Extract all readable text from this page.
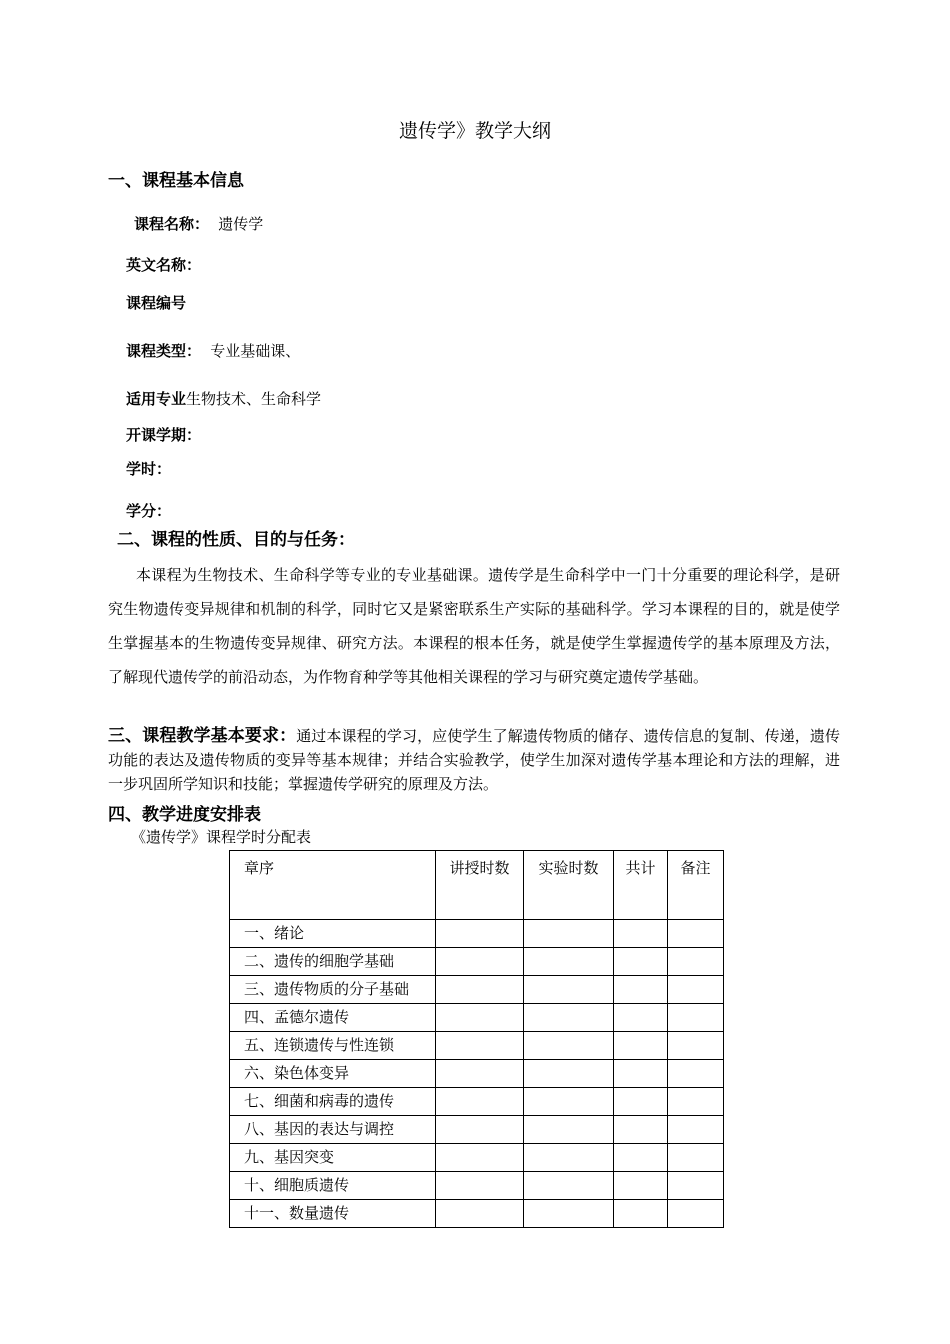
遗传学》教学大纲
一、课程基本信息
课程名称： 遗传学
英文名称：
课程编号
课程类型： 专业基础课、
适用专业生物技术、生命科学
开课学期：
学时：
学分：
二、课程的性质、目的与任务：
本课程为生物技术、生命科学等专业的专业基础课。遗传学是生命科学中一门十分重要的理论科学，是研究生物遗传变异规律和机制的科学，同时它又是紧密联系生产实际的基础科学。学习本课程的目的，就是使学生掌握基本的生物遗传变异规律、研究方法。本课程的根本任务，就是使学生掌握遗传学的基本原理及方法，了解现代遗传学的前沿动态，为作物育种学等其他相关课程的学习与研究奠定遗传学基础。
三、课程教学基本要求：通过本课程的学习，应使学生了解遗传物质的储存、遗传信息的复制、传递，遗传功能的表达及遗传物质的变异等基本规律；并结合实验教学，使学生加深对遗传学基本理论和方法的理解，进一步巩固所学知识和技能；掌握遗传学研究的原理及方法。
四、教学进度安排表
《遗传学》课程学时分配表
章序	讲授时数	实验时数	共计	备注
一、绪论				
二、遗传的细胞学基础				
三、遗传物质的分子基础				
四、孟德尔遗传				
五、连锁遗传与性连锁				
六、染色体变异				
七、细菌和病毒的遗传				
八、基因的表达与调控				
九、基因突变				
十、细胞质遗传				
十一、数量遗传				
